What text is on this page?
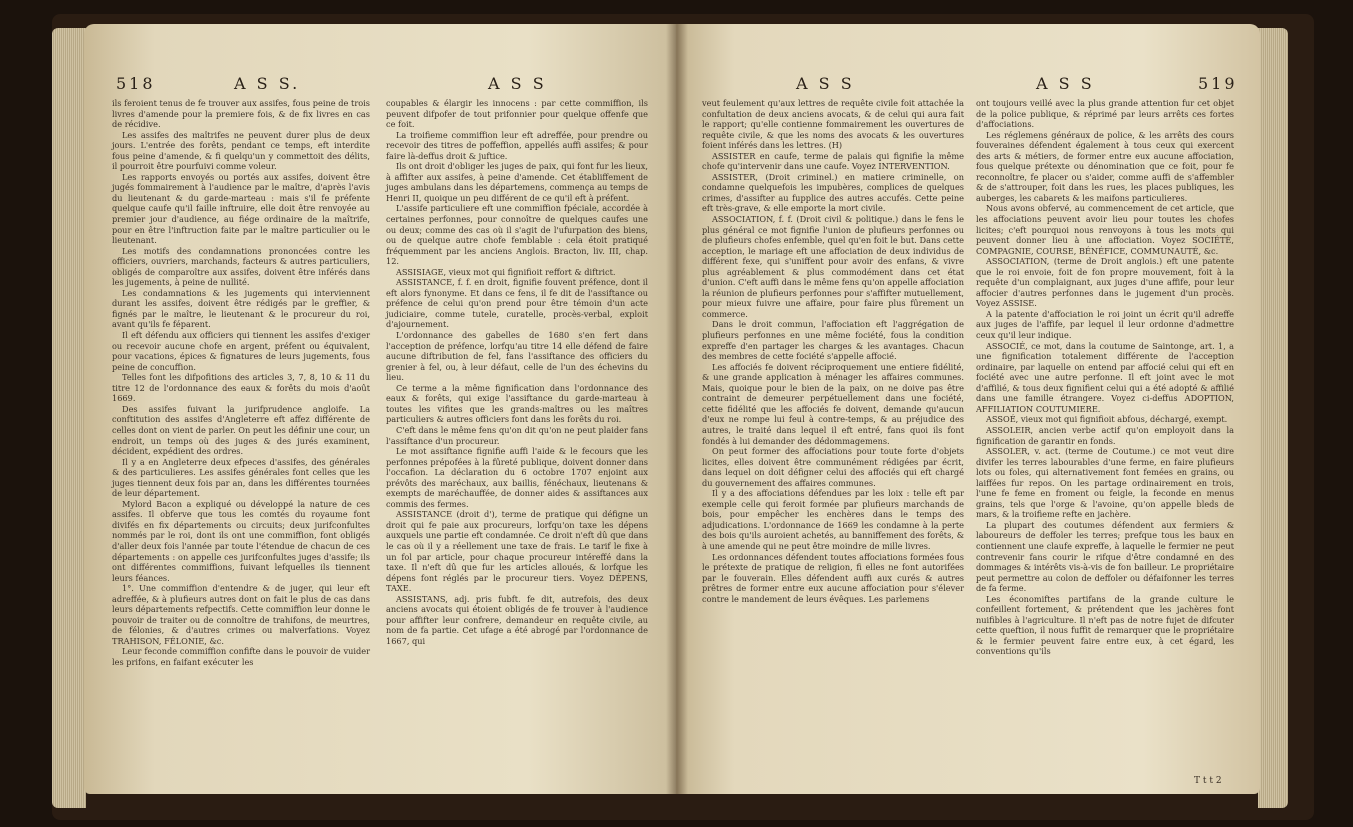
518	A S S.	A S S

ils feroient tenus de fe trouver aux assifes, fous peine de trois livres d'amende pour la premiere fois, & de fix livres en cas de récidive.

Les assifes des maîtrifes ne peuvent durer plus de deux jours. L'entrée des forêts, pendant ce temps, eft interdite fous peine d'amende, & fi quelqu'un y commettoit des délits, il pourroit être pourfuivi comme voleur.

Les rapports envoyés ou portés aux assifes, doivent être jugés fommairement à l'audience par le maître, d'après l'avis du lieutenant & du garde-marteau : mais s'il fe préfente quelque caufe qu'il faille inftruire, elle doit être renvoyée au premier jour d'audience, au fiége ordinaire de la maîtrife, pour en être l'inftruction faite par le maître particulier ou le lieutenant.

Les motifs des condamnations prononcées contre les officiers, ouvriers, marchands, facteurs & autres particuliers, obligés de comparoître aux assifes, doivent être inférés dans les jugements, à peine de nullité.

Les condamnations & les jugements qui interviennent durant les assifes, doivent être rédigés par le greffier, & fignés par le maître, le lieutenant & le procureur du roi, avant qu'ils fe féparent.

Il eft défendu aux officiers qui tiennent les assifes d'exiger ou recevoir aucune chofe en argent, préfent ou équivalent, pour vacations, épices & fignatures de leurs jugements, fous peine de concuffion.

Telles font les difpofitions des articles 3, 7, 8, 10 & 11 du titre 12 de l'ordonnance des eaux & forêts du mois d'août 1669.

Des assifes fuivant la jurifprudence angloife. La conftitution des assifes d'Angleterre eft affez différente de celles dont on vient de parler. On peut les définir une cour, un endroit, un temps où des juges & des jurés examinent, décident, expédient des ordres.

Il y a en Angleterre deux efpeces d'assifes, des générales & des particulieres. Les assifes générales font celles que les juges tiennent deux fois par an, dans les différentes tournées de leur département.

Mylord Bacon a expliqué ou développé la nature de ces assifes. Il obferve que tous les comtés du royaume font divifés en fix départements ou circuits; deux jurifconfultes nommés par le roi, dont ils ont une commiffion, font obligés d'aller deux fois l'année par toute l'étendue de chacun de ces départements : on appelle ces jurifconfultes juges d'assife; ils ont différentes commiffions, fuivant lefquelles ils tiennent leurs féances.

1°. Une commiffion d'entendre & de juger, qui leur eft adreffée, & à plufieurs autres dont on fait le plus de cas dans leurs départements refpectifs. Cette commiffion leur donne le pouvoir de traiter ou de connoître de trahifons, de meurtres, de félonies, & d'autres crimes ou malverfations. Voyez TRAHISON, FÉLONIE, &c.

Leur feconde commiffion confifte dans le pouvoir de vuider les prifons, en faifant exécuter les

coupables & élargir les innocens : par cette commiffion, ils peuvent difpofer de tout prifonnier pour quelque offenfe que ce foit.

La troifieme commiffion leur eft adreffée, pour prendre ou recevoir des titres de poffeffion, appellés auffi assifes; & pour faire là-deffus droit & juftice.

Ils ont droit d'obliger les juges de paix, qui font fur les lieux, à affifter aux assifes, à peine d'amende. Cet établiffement de juges ambulans dans les départemens, commença au temps de Henri II, quoique un peu différent de ce qu'il eft à préfent.

L'assife particuliere eft une commiffion fpéciale, accordée à certaines perfonnes, pour connoître de quelques caufes une ou deux; comme des cas où il s'agit de l'ufurpation des biens, ou de quelque autre chofe femblable : cela étoit pratiqué fréquemment par les anciens Anglois. Bracton, liv. III, chap. 12.

ASSISIAGE, vieux mot qui fignifioit reffort & diftrict.

ASSISTANCE, f. f. en droit, fignifie fouvent préfence, dont il eft alors fynonyme. Et dans ce fens, il fe dit de l'assiftance ou préfence de celui qu'on prend pour être témoin d'un acte judiciaire, comme tutele, curatelle, procès-verbal, exploit d'ajournement.

L'ordonnance des gabelles de 1680 s'en fert dans l'acception de préfence, lorfqu'au titre 14 elle défend de faire aucune diftribution de fel, fans l'assiftance des officiers du grenier à fel, ou, à leur défaut, celle de l'un des échevins du lieu.

Ce terme a la même fignification dans l'ordonnance des eaux & forêts, qui exige l'assiftance du garde-marteau à toutes les vifites que les grands-maîtres ou les maîtres particuliers & autres officiers font dans les forêts du roi.

C'eft dans le même fens qu'on dit qu'on ne peut plaider fans l'assiftance d'un procureur.

Le mot assiftance fignifie auffi l'aide & le fecours que les perfonnes prépofées à la fûreté publique, doivent donner dans l'occafion. La déclaration du 6 octobre 1707 enjoint aux prévôts des maréchaux, aux baillis, fénéchaux, lieutenans & exempts de maréchauffée, de donner aides & assiftances aux commis des fermes.

ASSISTANCE (droit d'), terme de pratique qui défigne un droit qui fe paie aux procureurs, lorfqu'on taxe les dépens auxquels une partie eft condamnée. Ce droit n'eft dû que dans le cas où il y a réellement une taxe de frais. Le tarif le fixe à un fol par article, pour chaque procureur intéreffé dans la taxe. Il n'eft dû que fur les articles alloués, & lorfque les dépens font réglés par le procureur tiers. Voyez DÉPENS, TAXE.

ASSISTANS, adj. pris fubft. fe dit, autrefois, des deux anciens avocats qui étoient obligés de fe trouver à l'audience pour affifter leur confrere, demandeur en requête civile, au nom de fa partie. Cet ufage a été abrogé par l'ordonnance de 1667, qui

A S S	A S S	519

veut feulement qu'aux lettres de requête civile foit attachée la confultation de deux anciens avocats, & de celui qui aura fait le rapport; qu'elle contienne fommairement les ouvertures de requête civile, & que les noms des avocats & les ouvertures foient inférés dans les lettres. (H)

ASSISTER en caufe, terme de palais qui fignifie la même chofe qu'intervenir dans une caufe. Voyez INTERVENTION.

ASSISTER, (Droit criminel.) en matiere criminelle, on condamne quelquefois les impubères, complices de quelques crimes, d'assifter au fupplice des autres accufés. Cette peine eft très-grave, & elle emporte la mort civile.

ASSOCIATION, f. f. (Droit civil & politique.) dans le fens le plus général ce mot fignifie l'union de plufieurs perfonnes ou de plufieurs chofes enfemble, quel qu'en foit le but. Dans cette acception, le mariage eft une affociation de deux individus de différent fexe, qui s'uniffent pour avoir des enfans, & vivre plus agréablement & plus commodément dans cet état d'union. C'eft auffi dans le même fens qu'on appelle affociation la réunion de plufieurs perfonnes pour s'affifter mutuellement, pour mieux fuivre une affaire, pour faire plus fûrement un commerce.

Dans le droit commun, l'affociation eft l'aggrégation de plufieurs perfonnes en une même fociété, fous la condition expreffe d'en partager les charges & les avantages. Chacun des membres de cette fociété s'appelle affocié.

Les affociés fe doivent réciproquement une entiere fidélité, & une grande application à ménager les affaires communes. Mais, quoique pour le bien de la paix, on ne doive pas être contraint de demeurer perpétuellement dans une fociété, cette fidélité que les affociés fe doivent, demande qu'aucun d'eux ne rompe lui feul à contre-temps, & au préjudice des autres, le traité dans lequel il eft entré, fans quoi ils font fondés à lui demander des dédommagemens.

On peut former des affociations pour toute forte d'objets licites, elles doivent être communément rédigées par écrit, dans lequel on doit défigner celui des affociés qui eft chargé du gouvernement des affaires communes.

Il y a des affociations défendues par les loix : telle eft par exemple celle qui feroit formée par plufieurs marchands de bois, pour empêcher les enchères dans le temps des adjudications. L'ordonnance de 1669 les condamne à la perte des bois qu'ils auroient achetés, au banniffement des forêts, & à une amende qui ne peut être moindre de mille livres.

Les ordonnances défendent toutes affociations formées fous le prétexte de pratique de religion, fi elles ne font autorifées par le fouverain. Elles défendent auffi aux curés & autres prêtres de former entre eux aucune affociation pour s'élever contre le mandement de leurs évêques. Les parlemens

ont toujours veillé avec la plus grande attention fur cet objet de la police publique, & réprimé par leurs arrêts ces fortes d'affociations.

Les réglemens généraux de police, & les arrêts des cours fouveraines défendent également à tous ceux qui exercent des arts & métiers, de former entre eux aucune affociation, fous quelque prétexte ou dénomination que ce foit, pour fe reconnoître, fe placer ou s'aider, comme auffi de s'affembler & de s'attrouper, foit dans les rues, les places publiques, les auberges, les cabarets & les maifons particulieres.

Nous avons obfervé, au commencement de cet article, que les affociations peuvent avoir lieu pour toutes les chofes licites; c'eft pourquoi nous renvoyons à tous les mots qui peuvent donner lieu à une affociation. Voyez SOCIÉTÉ, COMPAGNIE, COURSE, BÉNÉFICE, COMMUNAUTÉ, &c.

ASSOCIATION, (terme de Droit anglois.) eft une patente que le roi envoie, foit de fon propre mouvement, foit à la requête d'un complaignant, aux juges d'une affife, pour leur affocier d'autres perfonnes dans le jugement d'un procès. Voyez ASSISE.

A la patente d'affociation le roi joint un écrit qu'il adreffe aux juges de l'affife, par lequel il leur ordonne d'admettre ceux qu'il leur indique.

ASSOCIÉ, ce mot, dans la coutume de Saintonge, art. 1, a une fignification totalement différente de l'acception ordinaire, par laquelle on entend par affocié celui qui eft en fociété avec une autre perfonne. Il eft joint avec le mot d'affilié, & tous deux fignifient celui qui a été adopté & affilié dans une famille étrangere. Voyez ci-deffus ADOPTION, AFFILIATION COUTUMIERE.

ASSOÉ, vieux mot qui fignifioit abfous, déchargé, exempt.

ASSOLEIR, ancien verbe actif qu'on employoit dans la fignification de garantir en fonds.

ASSOLER, v. act. (terme de Coutume.) ce mot veut dire divifer les terres labourables d'une ferme, en faire plufieurs lots ou foles, qui alternativement font femées en grains, ou laiffées fur repos. On les partage ordinairement en trois, l'une fe feme en froment ou feigle, la feconde en menus grains, tels que l'orge & l'avoine, qu'on appelle bleds de mars, & la troifieme refte en jachère.

La plupart des coutumes défendent aux fermiers & laboureurs de deffoler les terres; prefque tous les baux en contiennent une claufe expreffe, à laquelle le fermier ne peut contrevenir fans courir le rifque d'être condamné en des dommages & intérêts vis-à-vis de fon bailleur. Le propriétaire peut permettre au colon de deffoler ou défaifonner les terres de fa ferme.

Les économiftes partifans de la grande culture le confeillent fortement, & prétendent que les jachères font nuifibles à l'agriculture. Il n'eft pas de notre fujet de difcuter cette queftion, il nous fuffit de remarquer que le propriétaire & le fermier peuvent faire entre eux, à cet égard, les conventions qu'ils

T t t 2
